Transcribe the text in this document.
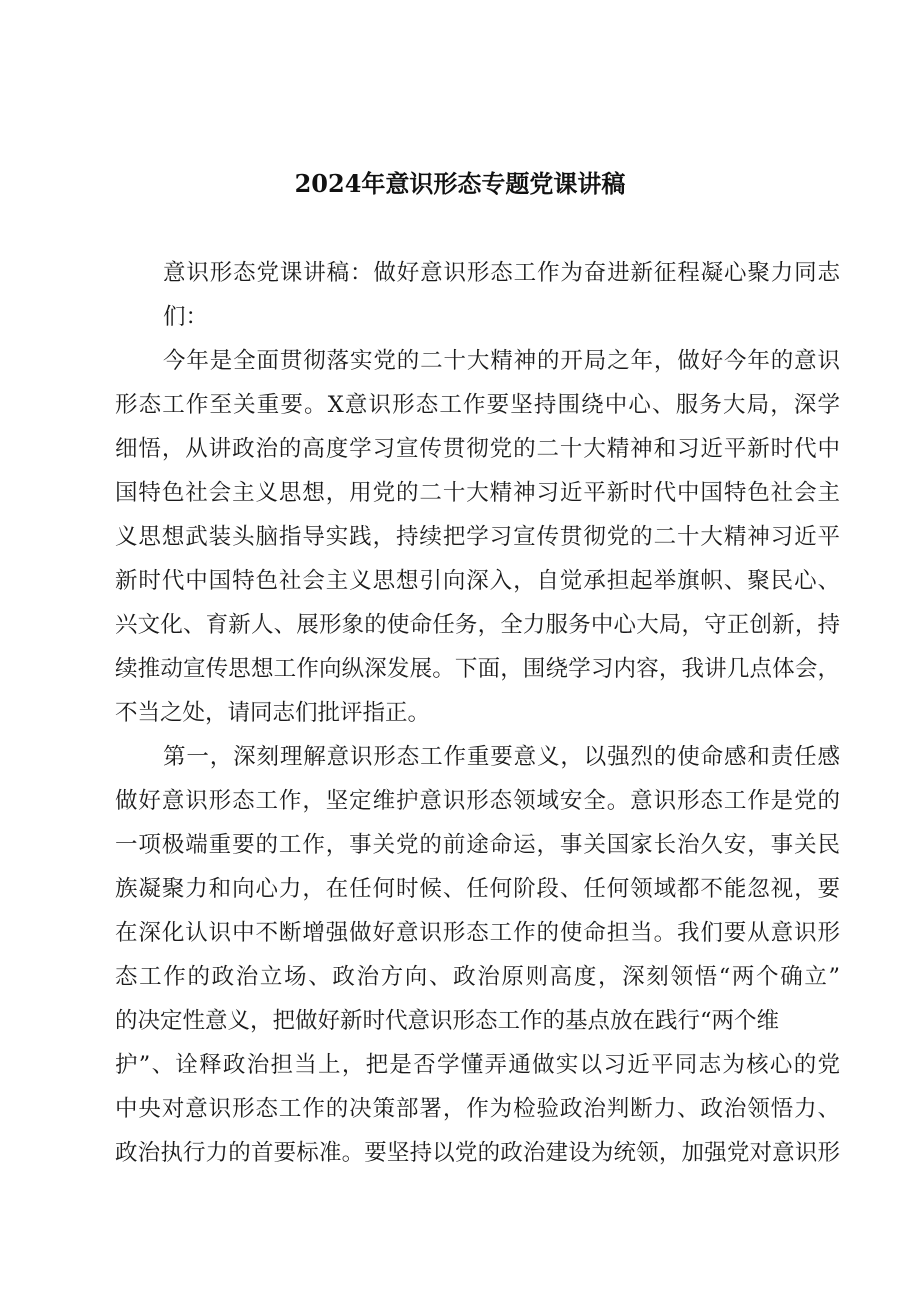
2024年意识形态专题党课讲稿
意识形态党课讲稿：做好意识形态工作为奋进新征程凝心聚力同志
们：
今年是全面贯彻落实党的二十大精神的开局之年，做好今年的意识
形态工作至关重要。X意识形态工作要坚持围绕中心、服务大局，深学
细悟，从讲政治的高度学习宣传贯彻党的二十大精神和习近平新时代中
国特色社会主义思想，用党的二十大精神习近平新时代中国特色社会主
义思想武装头脑指导实践，持续把学习宣传贯彻党的二十大精神习近平
新时代中国特色社会主义思想引向深入，自觉承担起举旗帜、聚民心、
兴文化、育新人、展形象的使命任务，全力服务中心大局，守正创新，持
续推动宣传思想工作向纵深发展。下面，围绕学习内容，我讲几点体会，
不当之处，请同志们批评指正。
第一，深刻理解意识形态工作重要意义，以强烈的使命感和责任感
做好意识形态工作，坚定维护意识形态领域安全。意识形态工作是党的
一项极端重要的工作，事关党的前途命运，事关国家长治久安，事关民
族凝聚力和向心力，在任何时候、任何阶段、任何领域都不能忽视，要
在深化认识中不断增强做好意识形态工作的使命担当。我们要从意识形
态工作的政治立场、政治方向、政治原则高度，深刻领悟“两个确立”
的决定性意义，把做好新时代意识形态工作的基点放在践行“两个维
护”、诠释政治担当上，把是否学懂弄通做实以习近平同志为核心的党
中央对意识形态工作的决策部署，作为检验政治判断力、政治领悟力、
政治执行力的首要标准。要坚持以党的政治建设为统领，加强党对意识形
